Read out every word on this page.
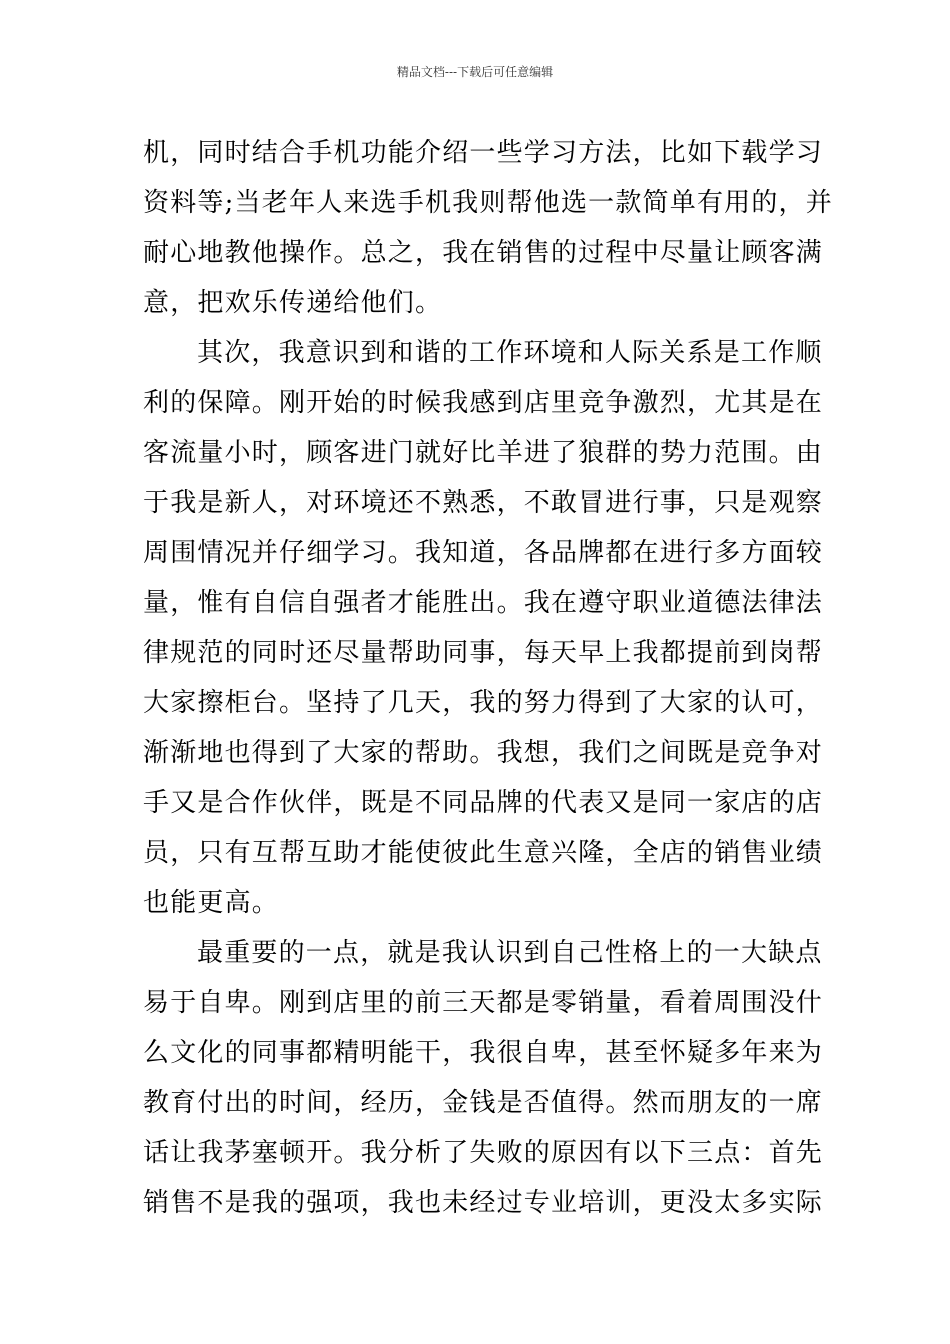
精品文档---下载后可任意编辑
机，同时结合手机功能介绍一些学习方法，比如下载学习
资料等;当老年人来选手机我则帮他选一款简单有用的，并
耐心地教他操作。总之，我在销售的过程中尽量让顾客满
意，把欢乐传递给他们。
其次，我意识到和谐的工作环境和人际关系是工作顺
利的保障。刚开始的时候我感到店里竞争激烈，尤其是在
客流量小时，顾客进门就好比羊进了狼群的势力范围。由
于我是新人，对环境还不熟悉，不敢冒进行事，只是观察
周围情况并仔细学习。我知道，各品牌都在进行多方面较
量，惟有自信自强者才能胜出。我在遵守职业道德法律法
律规范的同时还尽量帮助同事，每天早上我都提前到岗帮
大家擦柜台。坚持了几天，我的努力得到了大家的认可，
渐渐地也得到了大家的帮助。我想，我们之间既是竞争对
手又是合作伙伴，既是不同品牌的代表又是同一家店的店
员，只有互帮互助才能使彼此生意兴隆，全店的销售业绩
也能更高。
最重要的一点，就是我认识到自己性格上的一大缺点
易于自卑。刚到店里的前三天都是零销量，看着周围没什
么文化的同事都精明能干，我很自卑，甚至怀疑多年来为
教育付出的时间，经历，金钱是否值得。然而朋友的一席
话让我茅塞顿开。我分析了失败的原因有以下三点：首先
销售不是我的强项，我也未经过专业培训，更没太多实际
